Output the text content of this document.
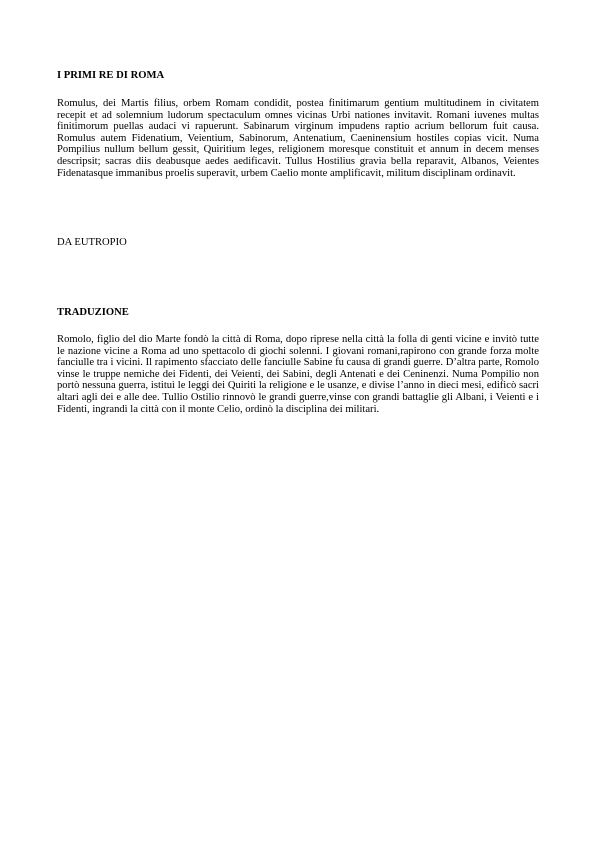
I PRIMI RE DI ROMA
Romulus, dei Martis filius, orbem Romam condidit, postea finitimarum gentium multitudinem in civitatem recepit et ad solemnium ludorum spectaculum omnes vicinas Urbi nationes invitavit. Romani iuvenes multas finitimorum puellas audaci vi rapuerunt. Sabinarum virginum impudens raptio acrium bellorum fuit causa. Romulus autem Fidenatium, Veientium, Sabinorum, Antenatium, Caeninensium hostiles copias vicit. Numa Pompilius nullum bellum gessit, Quiritium leges, religionem moresque constituit et annum in decem menses descripsit; sacras diis deabusque aedes aedificavit. Tullus Hostilius gravia bella reparavit, Albanos, Veientes Fidenatasque immanibus proelis superavit, urbem Caelio monte amplificavit, militum disciplinam ordinavit.
DA EUTROPIO
TRADUZIONE
Romolo, figlio del dio Marte fondò la città di Roma, dopo riprese nella città la folla di genti vicine e invitò tutte le nazione vicine a Roma ad uno spettacolo di giochi solenni. I giovani romani,rapirono con grande forza molte fanciulle tra i vicini. Il rapimento sfacciato delle fanciulle Sabine fu causa di grandi guerre. D’altra parte, Romolo vinse le truppe nemiche dei Fidenti, dei Veienti, dei Sabini, degli Antenati e dei Ceninenzi. Numa Pompilio non portò nessuna guerra, istituì le leggi dei Quiriti la religione e le usanze, e divise l’anno in dieci mesi, edificò sacri altari agli dei e alle dee. Tullio Ostilio rinnovò le grandi guerre,vinse con grandi battaglie gli Albani, i Veienti e i Fidenti, ingrandì la città con il monte Celio, ordinò la disciplina dei militari.
